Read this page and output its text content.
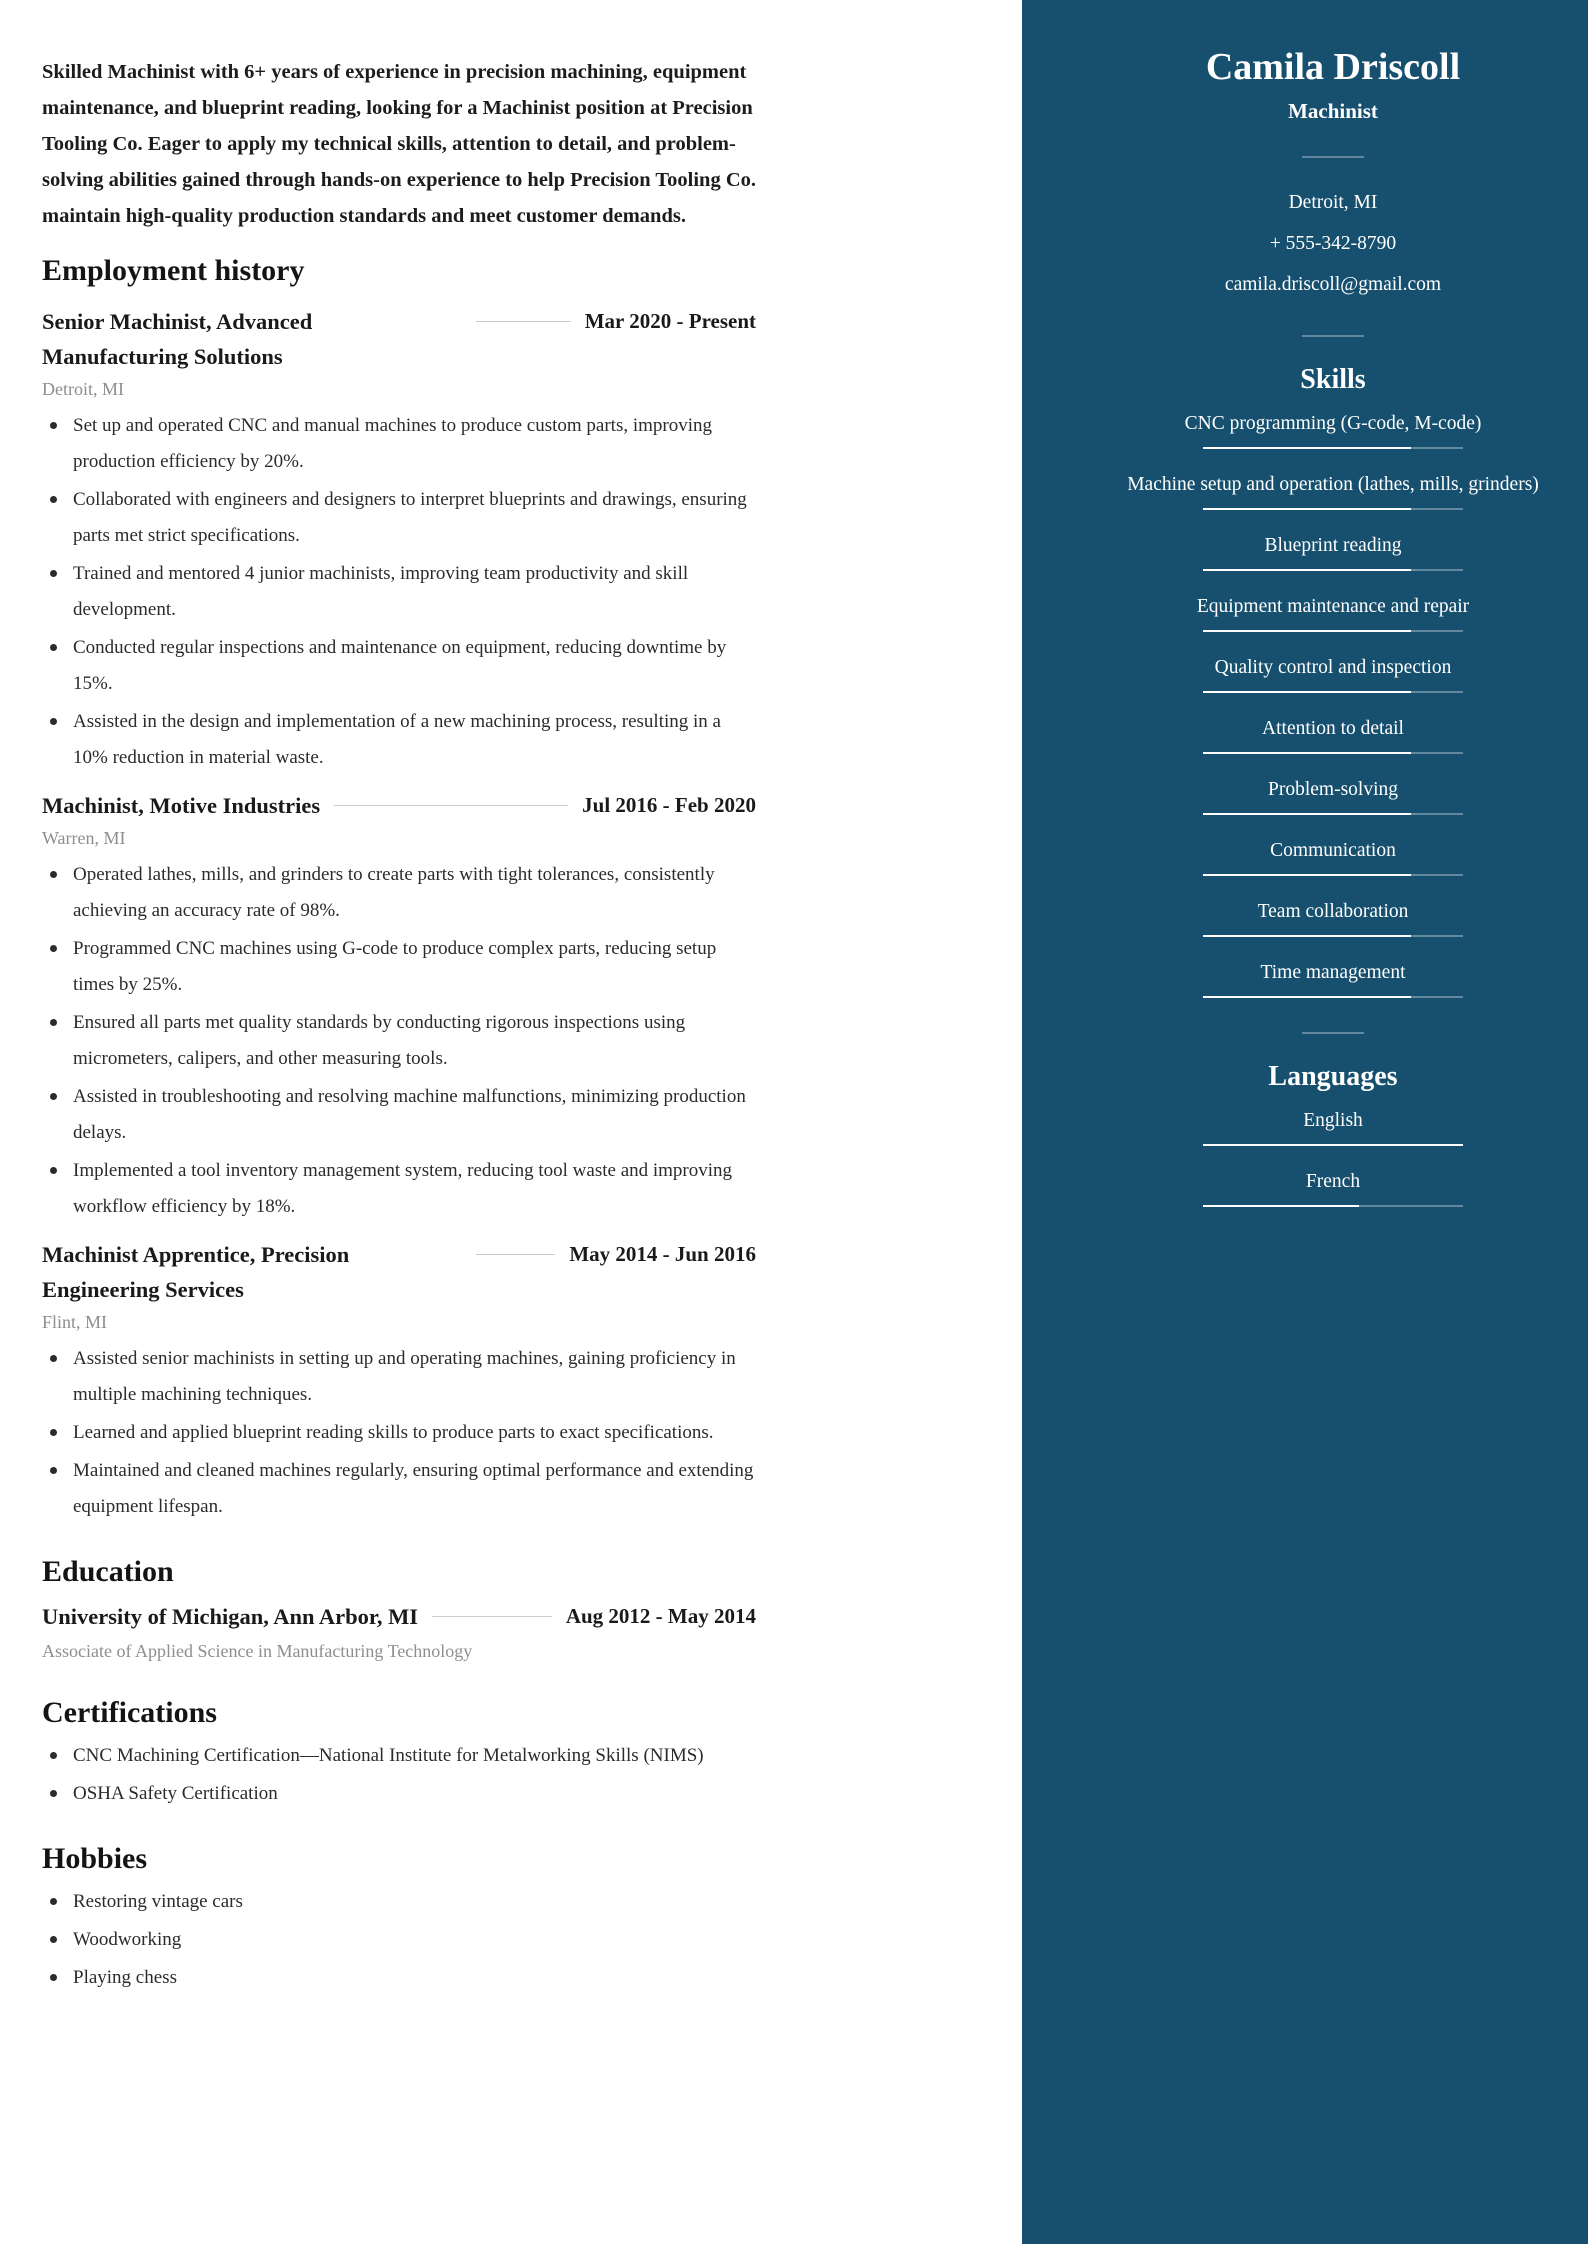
Skilled Machinist with 6+ years of experience in precision machining, equipment maintenance, and blueprint reading, looking for a Machinist position at Precision Tooling Co. Eager to apply my technical skills, attention to detail, and problem-solving abilities gained through hands-on experience to help Precision Tooling Co. maintain high-quality production standards and meet customer demands.

Employment history
Senior Machinist, Advanced Manufacturing Solutions
Mar 2020 - Present
Detroit, MI
Set up and operated CNC and manual machines to produce custom parts, improving production efficiency by 20%.
Collaborated with engineers and designers to interpret blueprints and drawings, ensuring parts met strict specifications.
Trained and mentored 4 junior machinists, improving team productivity and skill development.
Conducted regular inspections and maintenance on equipment, reducing downtime by 15%.
Assisted in the design and implementation of a new machining process, resulting in a 10% reduction in material waste.
Machinist, Motive Industries	Jul 2016 - Feb 2020
Warren, MI
Operated lathes, mills, and grinders to create parts with tight tolerances, consistently achieving an accuracy rate of 98%.
Programmed CNC machines using G-code to produce complex parts, reducing setup times by 25%.
Ensured all parts met quality standards by conducting rigorous inspections using micrometers, calipers, and other measuring tools.
Assisted in troubleshooting and resolving machine malfunctions, minimizing production delays.
Implemented a tool inventory management system, reducing tool waste and improving workflow efficiency by 18%.
Machinist Apprentice, Precision Engineering Services
May 2014 - Jun 2016
Flint, MI
Assisted senior machinists in setting up and operating machines, gaining proficiency in multiple machining techniques.
Learned and applied blueprint reading skills to produce parts to exact specifications.
Maintained and cleaned machines regularly, ensuring optimal performance and extending equipment lifespan.
Education
University of Michigan, Ann Arbor, MI	Aug 2012 - May 2014
Associate of Applied Science in Manufacturing Technology
Certifications
CNC Machining Certification—National Institute for Metalworking Skills (NIMS)
OSHA Safety Certification
Hobbies
Restoring vintage cars
Woodworking
Playing chess
Camila Driscoll
Machinist

Detroit, MI

+ 555-342-8790

camila.driscoll@gmail.com

Skills
CNC programming (G-code, M-code)
Machine setup and operation (lathes, mills, grinders)
Blueprint reading
Equipment maintenance and repair
Quality control and inspection
Attention to detail
Problem-solving
Communication
Team collaboration
Time management
Languages
English
French
